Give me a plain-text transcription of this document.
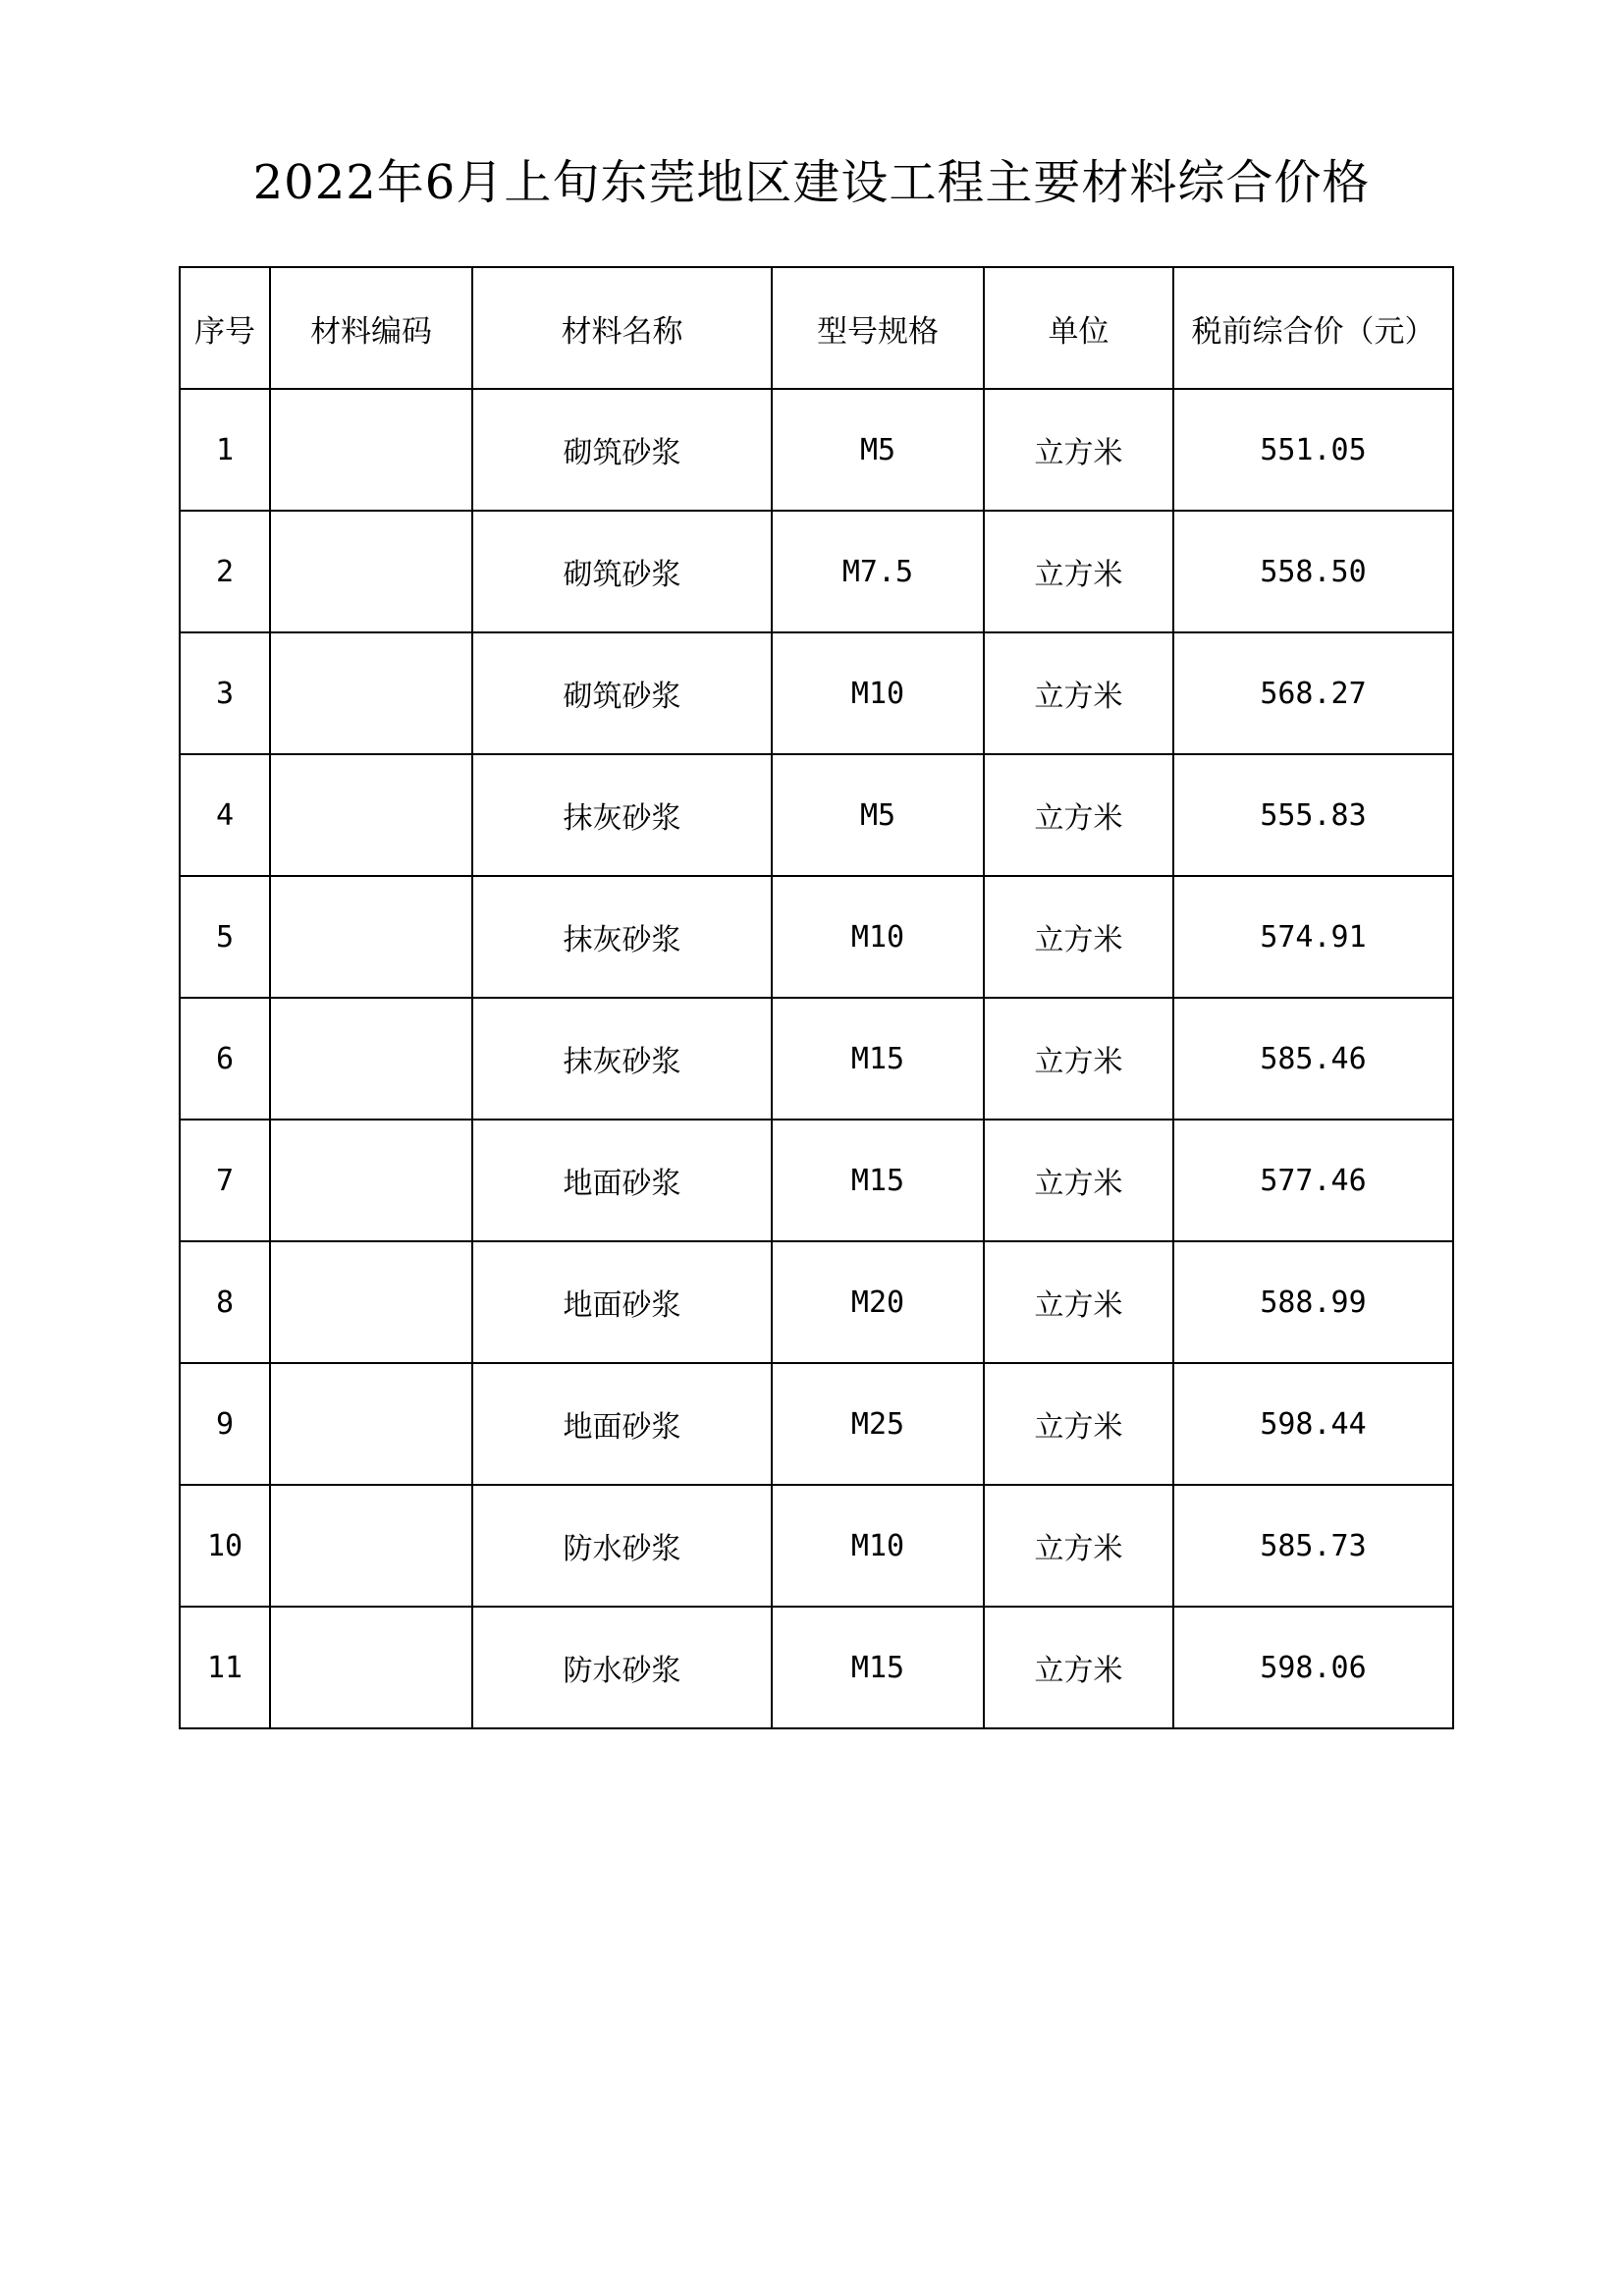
2022年6月上旬东莞地区建设工程主要材料综合价格
序号	材料编码	材料名称	型号规格	单位	税前综合价（元）
1		砌筑砂浆	M5	立方米	551.05
2		砌筑砂浆	M7.5	立方米	558.50
3		砌筑砂浆	M10	立方米	568.27
4		抹灰砂浆	M5	立方米	555.83
5		抹灰砂浆	M10	立方米	574.91
6		抹灰砂浆	M15	立方米	585.46
7		地面砂浆	M15	立方米	577.46
8		地面砂浆	M20	立方米	588.99
9		地面砂浆	M25	立方米	598.44
10		防水砂浆	M10	立方米	585.73
11		防水砂浆	M15	立方米	598.06
